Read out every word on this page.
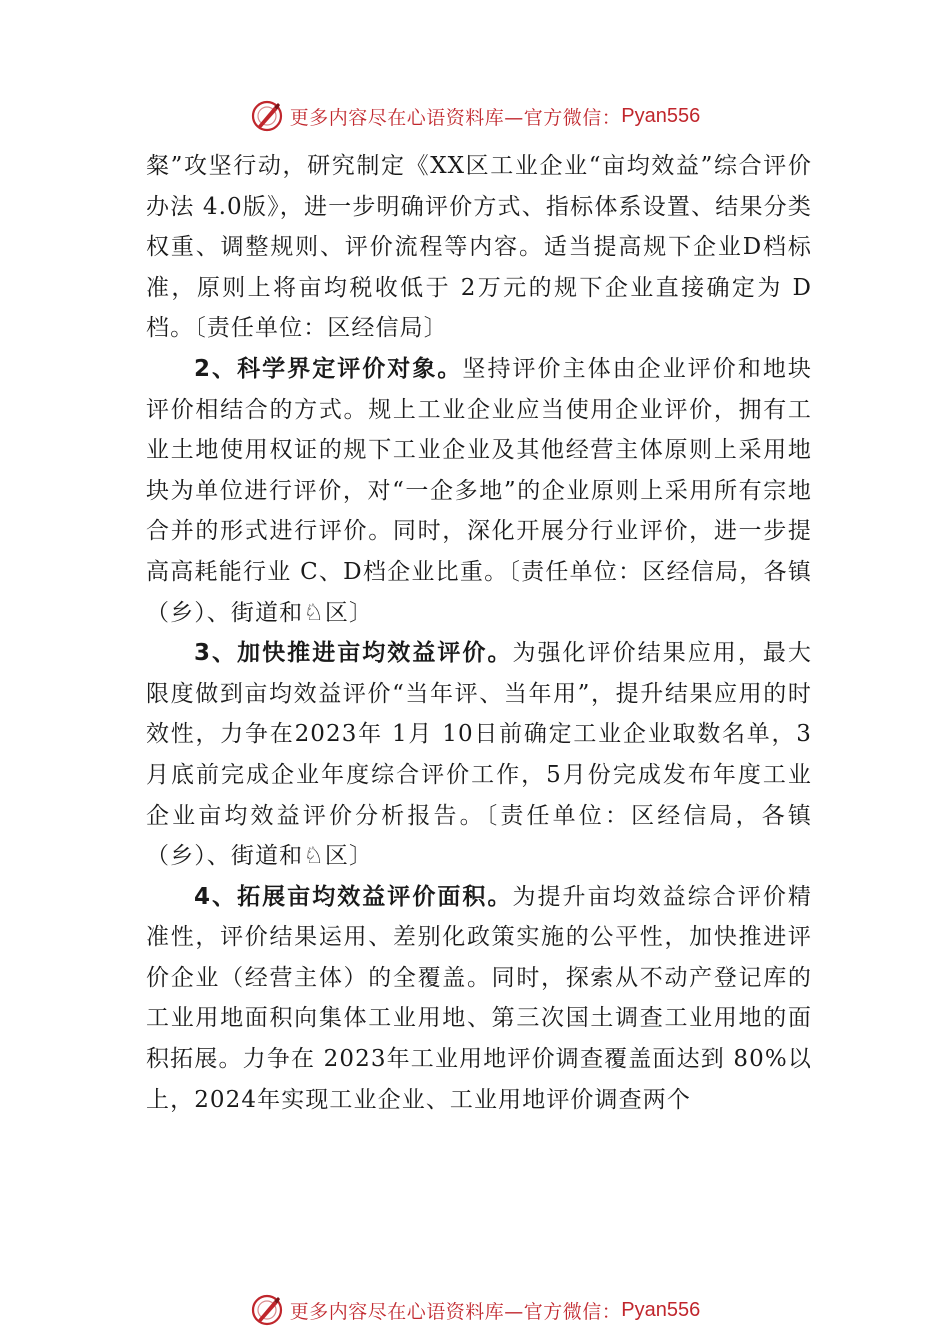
更多内容尽在心语资料库—官方微信： Pyan556

粲”攻坚行动，研究制定《XX区工业企业“亩均效益”综合评价办法 4.0版》，进一步明确评价方式、指标体系设置、结果分类权重、调整规则、评价流程等内容。适当提高规下企业D档标准，原则上将亩均税收低于 2万元的规下企业直接确定为 D档。〔责任单位：区经信局〕

2、科学界定评价对象。坚持评价主体由企业评价和地块评价相结合的方式。规上工业企业应当使用企业评价，拥有工业土地使用权证的规下工业企业及其他经营主体原则上采用地块为单位进行评价，对“一企多地”的企业原则上采用所有宗地合并的形式进行评价。同时，深化开展分行业评价，进一步提高高耗能行业 C、D档企业比重。〔责任单位：区经信局，各镇（乡）、街道和♘区〕

3、加快推进亩均效益评价。为强化评价结果应用，最大限度做到亩均效益评价“当年评、当年用”，提升结果应用的时效性，力争在2023年 1月 10日前确定工业企业取数名单，3月底前完成企业年度综合评价工作，5月份完成发布年度工业企业亩均效益评价分析报告。〔责任单位：区经信局，各镇（乡）、街道和♘区〕

4、拓展亩均效益评价面积。为提升亩均效益综合评价精准性，评价结果运用、差别化政策实施的公平性，加快推进评价企业（经营主体）的全覆盖。同时，探索从不动产登记库的工业用地面积向集体工业用地、第三次国土调查工业用地的面积拓展。力争在 2023年工业用地评价调查覆盖面达到 80%以上，2024年实现工业企业、工业用地评价调查两个

更多内容尽在心语资料库—官方微信： Pyan556
